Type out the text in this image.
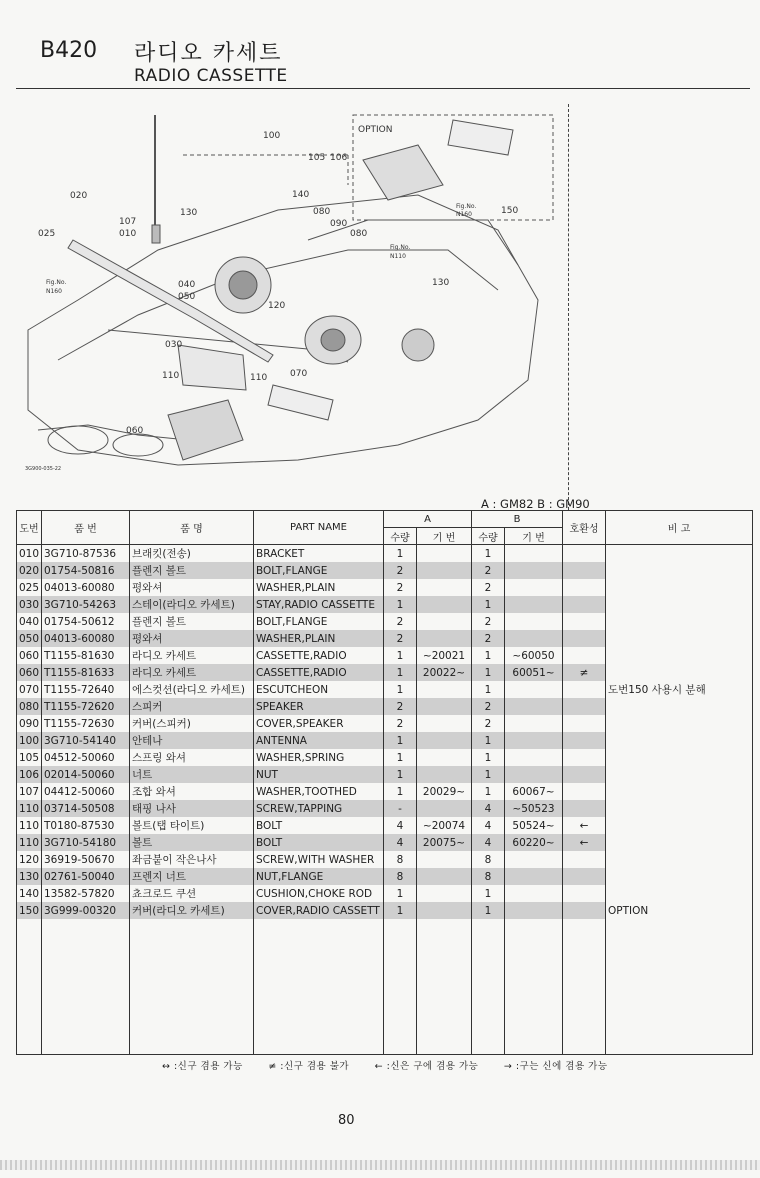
B420 라디오 카세트
RADIO CASSETTE
100
105 106
140
OPTION
020
107
010
130	080
090
080
025
150
Fig.No.
N160
Fig.No.
N110
040
050
120
130
Fig.No.
N160
030
110	110	070
060
3G900-035-22
A : GM82 B : GM90
도번	품 번	품 명	PART NAME	A		B		호환성	비 고
				수량	기 번	수량	기 번		
010	3G710-87536	브래킷(전송)	BRACKET	1		1			
020	01754-50816	플렌지 볼트	BOLT,FLANGE	2		2			
025	04013-60080	평와셔	WASHER,PLAIN	2		2			
030	3G710-54263	스테이(라디오 카세트)	STAY,RADIO CASSETTE	1		1			
040	01754-50612	플렌지 볼트	BOLT,FLANGE	2		2			
050	04013-60080	평와셔	WASHER,PLAIN	2		2			
060	T1155-81630	라디오 카세트	CASSETTE,RADIO	1	~20021	1	~60050		
060	T1155-81633	라디오 카세트	CASSETTE,RADIO	1	20022~	1	60051~	≠	
070	T1155-72640	에스컷션(라디오 카세트)	ESCUTCHEON	1		1			도번150 사용시 분해
080	T1155-72620	스피커	SPEAKER	2		2			
090	T1155-72630	커버(스피커)	COVER,SPEAKER	2		2			
100	3G710-54140	안테나	ANTENNA	1		1			
105	04512-50060	스프링 와셔	WASHER,SPRING	1		1			
106	02014-50060	너트	NUT	1		1			
107	04412-50060	조합 와셔	WASHER,TOOTHED	1	20029~	1	60067~		
110	03714-50508	태핑 나사	SCREW,TAPPING	-		4	~50523		
110	T0180-87530	볼트(탭 타이트)	BOLT	4	~20074	4	50524~	←	
110	3G710-54180	볼트	BOLT	4	20075~	4	60220~	←	
120	36919-50670	좌금붙이 작은나사	SCREW,WITH WASHER	8		8			
130	02761-50040	프렌지 너트	NUT,FLANGE	8		8			
140	13582-57820	쵸크로드 쿠션	CUSHION,CHOKE ROD	1		1			
150	3G999-00320	커버(라디오 카세트)	COVER,RADIO CASSETT	1		1			OPTION

↔ :신구 겸용 가능	≠ :신구 겸용 불가	← :신은 구에 겸용 가능	→ :구는 신에 겸용 가능
80
